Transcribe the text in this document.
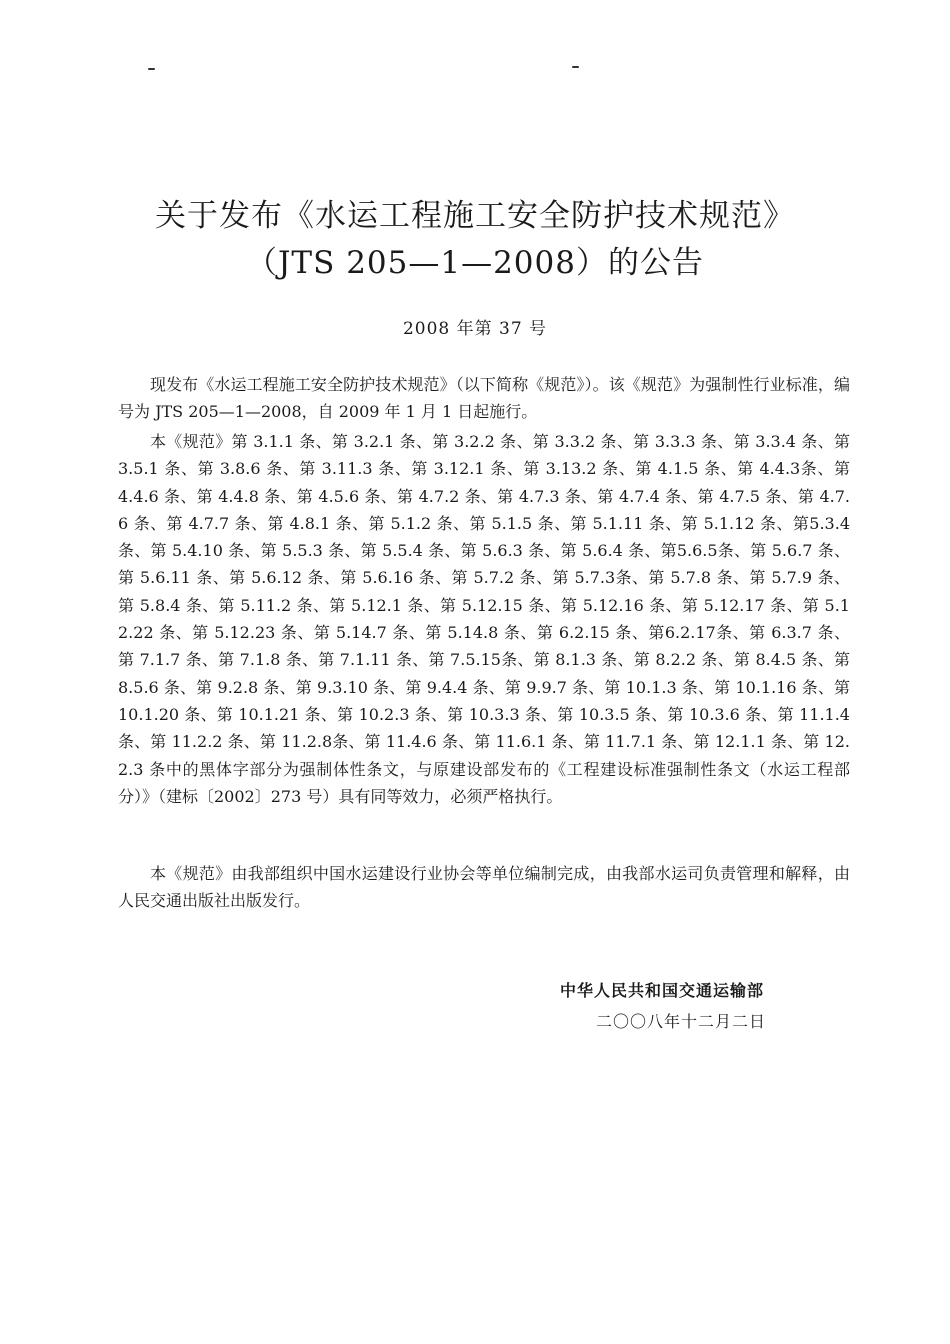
关于发布《水运工程施工安全防护技术规范》
（JTS 205—1—2008）的公告
2008 年第 37 号

现发布《水运工程施工安全防护技术规范》（以下简称《规范》）。该《规范》为强制性行业标准，编号为 JTS 205—1—2008，自 2009 年 1 月 1 日起施行。

本《规范》第 3.1.1 条、第 3.2.1 条、第 3.2.2 条、第 3.3.2 条、第 3.3.3 条、第 3.3.4 条、第 3.5.1 条、第 3.8.6 条、第 3.11.3 条、第 3.12.1 条、第 3.13.2 条、第 4.1.5 条、第 4.4.3条、第 4.4.6 条、第 4.4.8 条、第 4.5.6 条、第 4.7.2 条、第 4.7.3 条、第 4.7.4 条、第 4.7.5 条、第 4.7.6 条、第 4.7.7 条、第 4.8.1 条、第 5.1.2 条、第 5.1.5 条、第 5.1.11 条、第 5.1.12 条、第5.3.4条、第 5.4.10 条、第 5.5.3 条、第 5.5.4 条、第 5.6.3 条、第 5.6.4 条、第5.6.5条、第 5.6.7 条、第 5.6.11 条、第 5.6.12 条、第 5.6.16 条、第 5.7.2 条、第 5.7.3条、第 5.7.8 条、第 5.7.9 条、第 5.8.4 条、第 5.11.2 条、第 5.12.1 条、第 5.12.15 条、第 5.12.16 条、第 5.12.17 条、第 5.12.22 条、第 5.12.23 条、第 5.14.7 条、第 5.14.8 条、第 6.2.15 条、第6.2.17条、第 6.3.7 条、第 7.1.7 条、第 7.1.8 条、第 7.1.11 条、第 7.5.15条、第 8.1.3 条、第 8.2.2 条、第 8.4.5 条、第 8.5.6 条、第 9.2.8 条、第 9.3.10 条、第 9.4.4 条、第 9.9.7 条、第 10.1.3 条、第 10.1.16 条、第 10.1.20 条、第 10.1.21 条、第 10.2.3 条、第 10.3.3 条、第 10.3.5 条、第 10.3.6 条、第 11.1.4 条、第 11.2.2 条、第 11.2.8条、第 11.4.6 条、第 11.6.1 条、第 11.7.1 条、第 12.1.1 条、第 12.2.3 条中的黑体字部分为强制体性条文，与原建设部发布的《工程建设标准强制性条文（水运工程部分）》（建标〔2002〕273 号）具有同等效力，必须严格执行。

本《规范》由我部组织中国水运建设行业协会等单位编制完成，由我部水运司负责管理和解释，由人民交通出版社出版发行。

中华人民共和国交通运输部
二〇〇八年十二月二日
